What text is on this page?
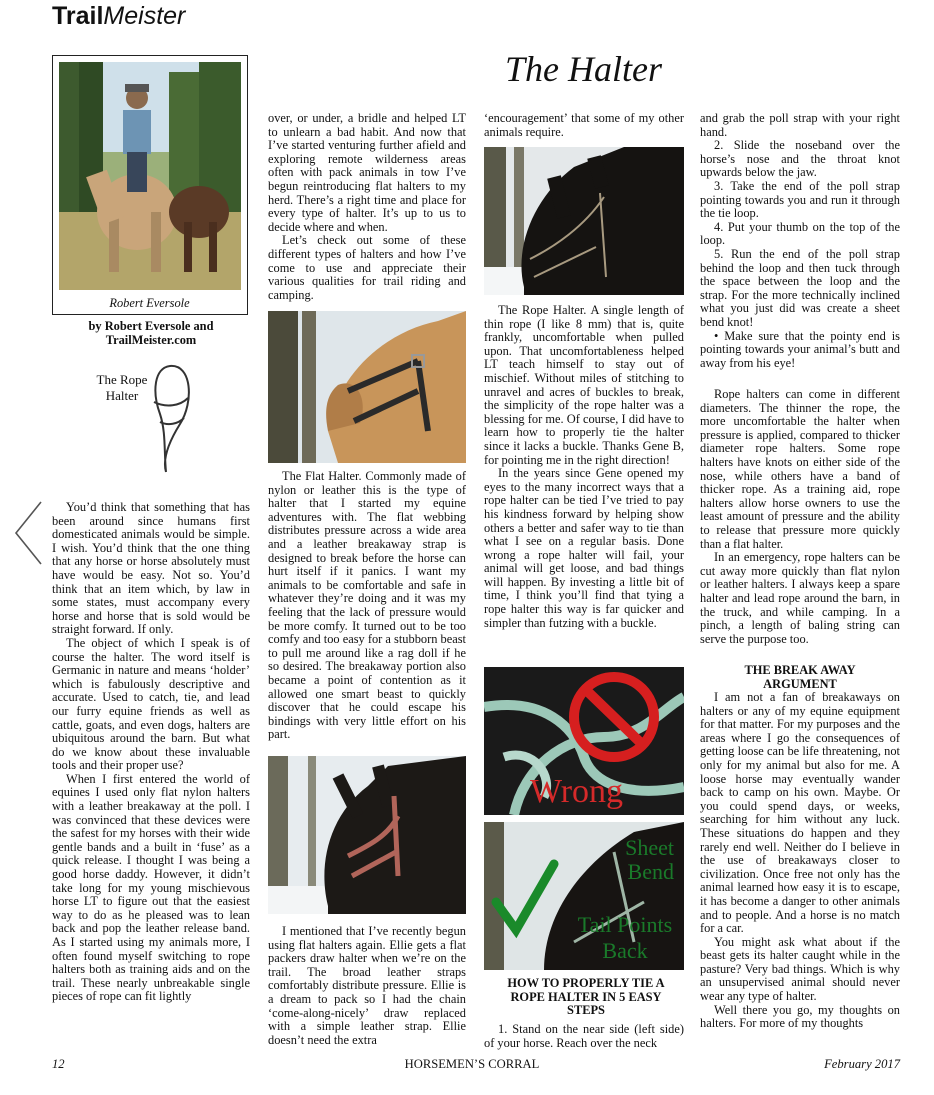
TrailMeister
The Halter
Robert Eversole
by Robert Eversole and TrailMeister.com
The Rope Halter

You’d think that something that has been around since humans first domesticated animals would be simple. I wish. You’d think that the one thing that any horse or horse absolutely must have would be easy. Not so. You’d think that an item which, by law in some states, must accompany every horse and horse that is sold would be straight forward. If only.

The object of which I speak is of course the halter. The word itself is Germanic in nature and means ‘holder’ which is fabulously descriptive and accurate. Used to catch, tie, and lead our furry equine friends as well as cattle, goats, and even dogs, halters are ubiquitous around the barn. But what do we know about these invaluable tools and their proper use?

When I first entered the world of equines I used only flat nylon halters with a leather breakaway at the poll. I was convinced that these devices were the safest for my horses with their wide gentle bands and a built in ‘fuse’ as a quick release. I thought I was being a good horse daddy. However, it didn’t take long for my young mischievous horse LT to figure out that the easiest way to do as he pleased was to lean back and pop the leather release band. As I started using my animals more, I often found myself switching to rope halters both as training aids and on the trail. These nearly unbreakable single pieces of rope can fit lightly

over, or under, a bridle and helped LT to unlearn a bad habit. And now that I’ve started venturing further afield and exploring remote wilderness areas often with pack animals in tow I’ve begun reintroducing flat halters to my herd. There’s a right time and place for every type of halter. It’s up to us to decide where and when.

Let’s check out some of these different types of halters and how I’ve come to use and appreciate their various qualities for trail riding and camping.

The Flat Halter. Commonly made of nylon or leather this is the type of halter that I started my equine adventures with. The flat webbing distributes pressure across a wide area and a leather breakaway strap is designed to break before the horse can hurt itself if it panics. I want my animals to be comfortable and safe in whatever they’re doing and it was my feeling that the lack of pressure would be more comfy. It turned out to be too comfy and too easy for a stubborn beast to pull me around like a rag doll if he so desired. The breakaway portion also became a point of contention as it allowed one smart beast to quickly discover that he could escape his bindings with very little effort on his part.

I mentioned that I’ve recently begun using flat halters again. Ellie gets a flat packers draw halter when we’re on the trail. The broad leather straps comfortably distribute pressure. Ellie is a dream to pack so I had the chain ‘come-along-nicely’ draw replaced with a simple leather strap. Ellie doesn’t need the extra

‘encouragement’ that some of my other animals require.

The Rope Halter. A single length of thin rope (I like 8 mm) that is, quite frankly, uncomfortable when pulled upon. That uncomfortableness helped LT teach himself to stay out of mischief. Without miles of stitching to unravel and acres of buckles to break, the simplicity of the rope halter was a blessing for me. Of course, I did have to learn how to properly tie the halter since it lacks a buckle. Thanks Gene B, for pointing me in the right direction!

In the years since Gene opened my eyes to the many incorrect ways that a rope halter can be tied I’ve tried to pay his kindness forward by helping show others a better and safer way to tie than what I see on a regular basis. Done wrong a rope halter will fail, your animal will get loose, and bad things will happen. By investing a little bit of time, I think you’ll find that tying a rope halter this way is far quicker and simpler than futzing with a buckle.

Wrong
Sheet Bend
Tail Points
Back
HOW TO PROPERLY TIE A ROPE HALTER IN 5 EASY STEPS

1. Stand on the near side (left side) of your horse. Reach over the neck

and grab the poll strap with your right hand.

2. Slide the noseband over the horse’s nose and the throat knot upwards below the jaw.

3. Take the end of the poll strap pointing towards you and run it through the tie loop.

4. Put your thumb on the top of the loop.

5. Run the end of the poll strap behind the loop and then tuck through the space between the loop and the strap. For the more technically inclined what you just did was create a sheet bend knot!

• Make sure that the pointy end is pointing towards your animal’s butt and away from his eye!

Rope halters can come in different diameters. The thinner the rope, the more uncomfortable the halter when pressure is applied, compared to thicker diameter rope halters. Some rope halters have knots on either side of the nose, while others have a band of thicker rope. As a training aid, rope halters allow horse owners to use the least amount of pressure and the ability to release that pressure more quickly than a flat halter.

In an emergency, rope halters can be cut away more quickly than flat nylon or leather halters. I always keep a spare halter and lead rope around the barn, in the truck, and while camping. In a pinch, a length of baling string can serve the purpose too.

THE BREAK AWAY ARGUMENT

I am not a fan of breakaways on halters or any of my equine equipment for that matter. For my purposes and the areas where I go the consequences of getting loose can be life threatening, not only for my animal but also for me. A loose horse may eventually wander back to camp on his own. Maybe. Or you could spend days, or weeks, searching for him without any luck. These situations do happen and they rarely end well. Neither do I believe in the use of breakaways closer to civilization. Once free not only has the animal learned how easy it is to escape, it has become a danger to other animals and to people. And a horse is no match for a car.

You might ask what about if the beast gets its halter caught while in the pasture? Very bad things. Which is why an unsupervised animal should never wear any type of halter.

Well there you go, my thoughts on halters. For more of my thoughts

12	HORSEMEN’S CORRAL	February 2017
